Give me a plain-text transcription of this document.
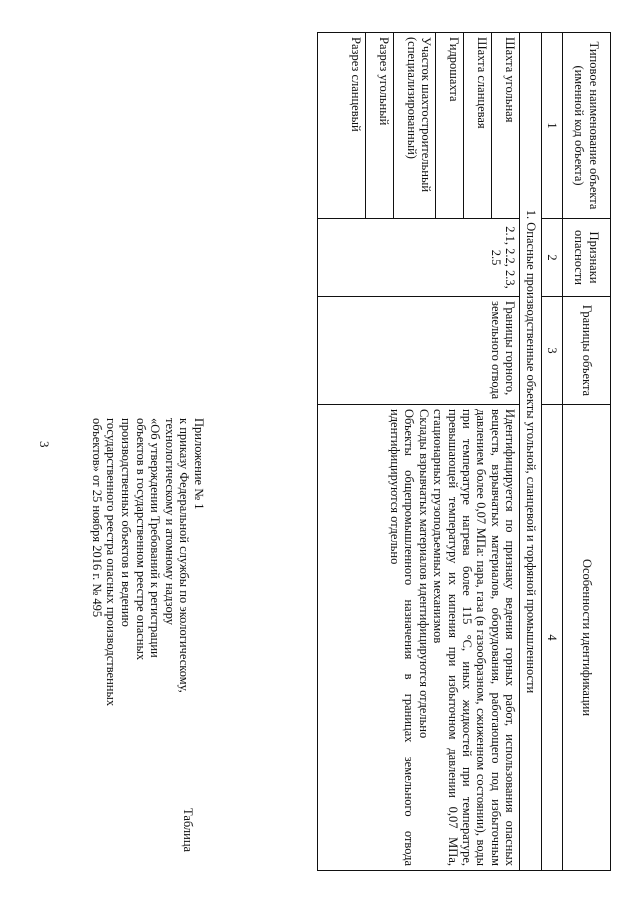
3	Приложение № 1
к приказу Федеральной службы по экологическому,
технологическому и атомному надзору
«Об утверждении Требований к регистрации
объектов в государственном реестре опасных
производственных объектов и ведению
государственного реестра опасных производственных
объектов» от 25 ноября 2016 г. № 495
Таблица
Типовое наименование объекта (именной код объекта)	Признаки опасности	Границы объекта	Особенности идентификации
1	2	3	4
1. Опасные производственные объекты угольной, сланцевой и торфяной промышленности			
Шахта угольная	2.1, 2.2, 2.3, 2.5	Границы горного, земельного отвода	Идентифицируется по признаку ведения горных работ, использования опасных веществ, взрывчатых материалов, оборудования, работающего под избыточным давлением более 0,07 МПа: пара, газа (в газообразном, сжиженном состоянии), воды при температуре нагрева более 115 °С, иных жидкостей при температуре, превышающей температуру их кипения при избыточном давлении 0,07 МПа, стационарных грузоподъемных механизмов
Склады взрывчатых материалов идентифицируются отдельно
Объекты общепромышленного назначения в границах земельного отвода идентифицируются отдельно

Шахта сланцевая			
Гидрошахта			
Участок шахтостроительный (специализированный)			
Разрез угольный			
Разрез сланцевый			
